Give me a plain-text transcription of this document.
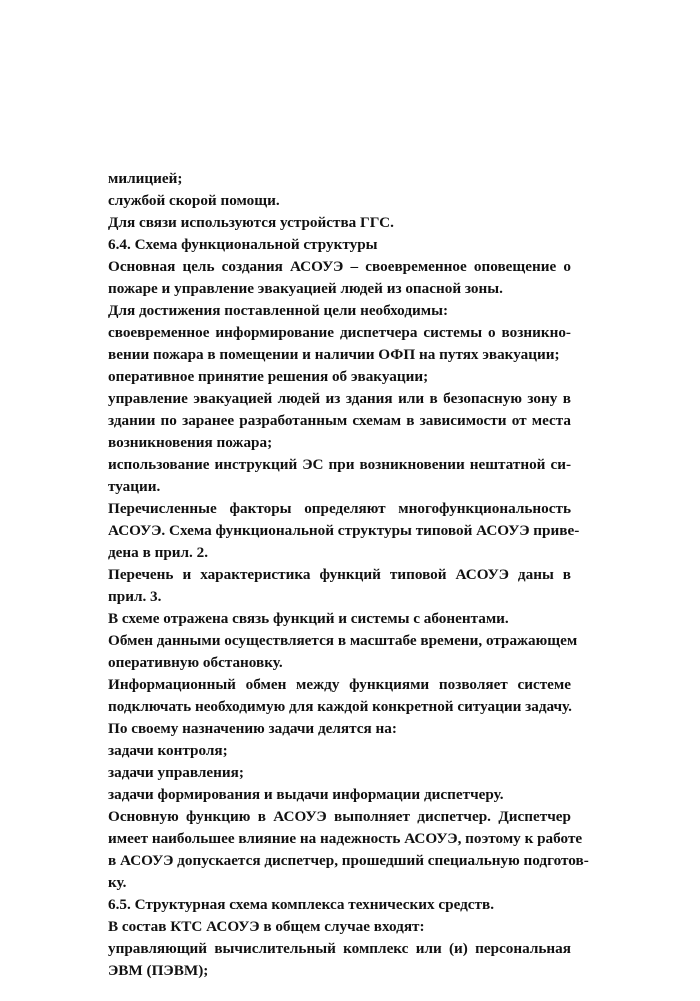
милицией;
службой скорой помощи.
Для связи используются устройства ГГС.
6.4. Схема функциональной структуры
Основная цель создания АСОУЭ – своевременное оповещение о
пожаре и управление эвакуацией людей из опасной зоны.
Для достижения поставленной цели необходимы:
своевременное информирование диспетчера системы о возникно-
вении пожара в помещении и наличии ОФП на путях эвакуации;
оперативное принятие решения об эвакуации;
управление эвакуацией людей из здания или в безопасную зону в
здании по заранее разработанным схемам в зависимости от места
возникновения пожара;
использование инструкций ЭС при возникновении нештатной си-
туации.
Перечисленные факторы определяют многофункциональность
АСОУЭ. Схема функциональной структуры типовой АСОУЭ приве-
дена в прил. 2.
Перечень и характеристика функций типовой АСОУЭ даны в
прил. 3.
В схеме отражена связь функций и системы с абонентами.
Обмен данными осуществляется в масштабе времени, отражающем
оперативную обстановку.
Информационный обмен между функциями позволяет системе
подключать необходимую для каждой конкретной ситуации задачу.
По своему назначению задачи делятся на:
задачи контроля;
задачи управления;
задачи формирования и выдачи информации диспетчеру.
Основную функцию в АСОУЭ выполняет диспетчер. Диспетчер
имеет наибольшее влияние на надежность АСОУЭ, поэтому к работе
в АСОУЭ допускается диспетчер, прошедший специальную подготов-
ку.
6.5. Структурная схема комплекса технических средств.
В состав КТС АСОУЭ в общем случае входят:
управляющий вычислительный комплекс или (и) персональная
ЭВМ (ПЭВМ);
